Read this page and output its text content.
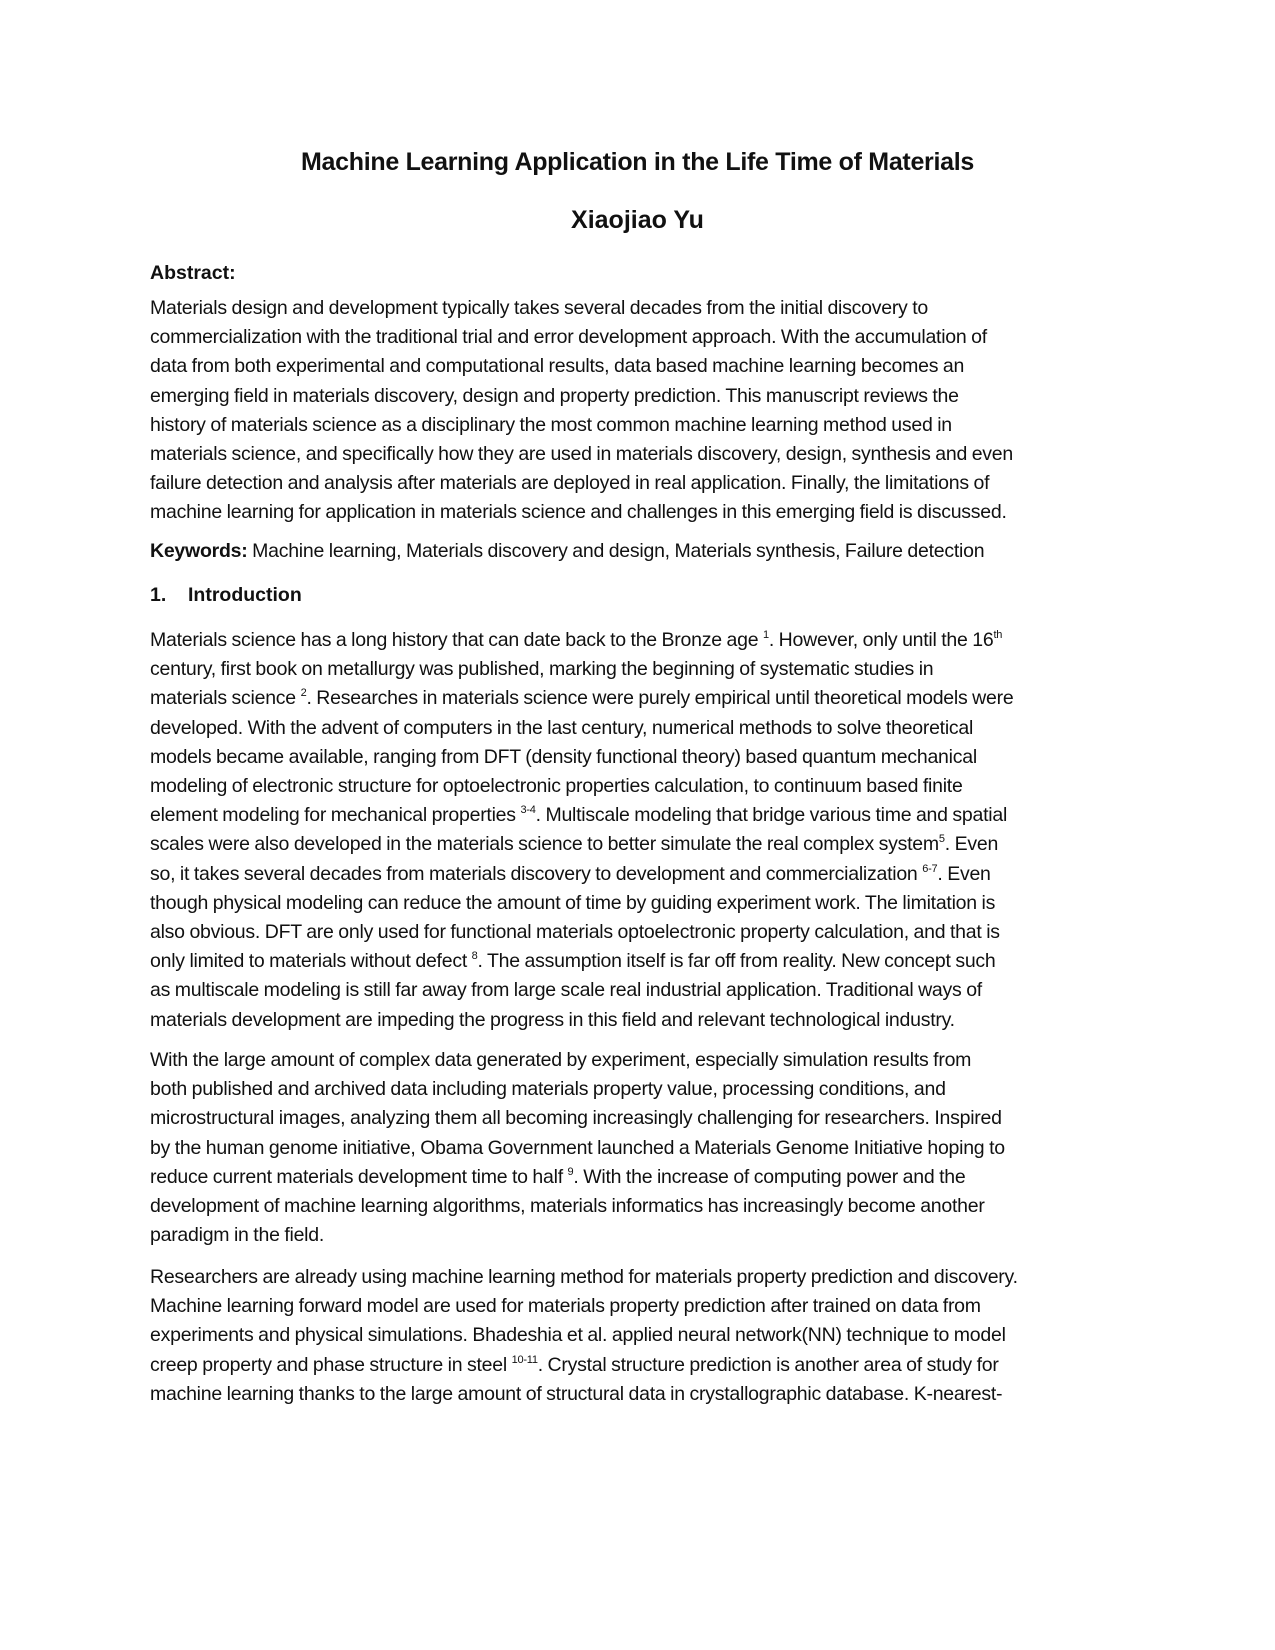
Machine Learning Application in the Life Time of Materials
Xiaojiao Yu
Abstract:

Materials design and development typically takes several decades from the initial discovery to
commercialization with the traditional trial and error development approach. With the accumulation of
data from both experimental and computational results, data based machine learning becomes an
emerging field in materials discovery, design and property prediction. This manuscript reviews the
history of materials science as a disciplinary the most common machine learning method used in
materials science, and specifically how they are used in materials discovery, design, synthesis and even
failure detection and analysis after materials are deployed in real application. Finally, the limitations of
machine learning for application in materials science and challenges in this emerging field is discussed.

Keywords: Machine learning, Materials discovery and design, Materials synthesis, Failure detection

1. Introduction

Materials science has a long history that can date back to the Bronze age $^1$. However, only until the 16th
century, first book on metallurgy was published, marking the beginning of systematic studies in
materials science $^2$. Researches in materials science were purely empirical until theoretical models were
developed. With the advent of computers in the last century, numerical methods to solve theoretical
models became available, ranging from DFT (density functional theory) based quantum mechanical
modeling of electronic structure for optoelectronic properties calculation, to continuum based finite
element modeling for mechanical properties $^{3-4}$. Multiscale modeling that bridge various time and spatial
scales were also developed in the materials science to better simulate the real complex system$^5$. Even
so, it takes several decades from materials discovery to development and commercialization $^{6-7}$. Even
though physical modeling can reduce the amount of time by guiding experiment work. The limitation is
also obvious. DFT are only used for functional materials optoelectronic property calculation, and that is
only limited to materials without defect $^8$. The assumption itself is far off from reality. New concept such
as multiscale modeling is still far away from large scale real industrial application. Traditional ways of
materials development are impeding the progress in this field and relevant technological industry.

With the large amount of complex data generated by experiment, especially simulation results from
both published and archived data including materials property value, processing conditions, and
microstructural images, analyzing them all becoming increasingly challenging for researchers. Inspired
by the human genome initiative, Obama Government launched a Materials Genome Initiative hoping to
reduce current materials development time to half $^9$. With the increase of computing power and the
development of machine learning algorithms, materials informatics has increasingly become another
paradigm in the field.

Researchers are already using machine learning method for materials property prediction and discovery.
Machine learning forward model are used for materials property prediction after trained on data from
experiments and physical simulations. Bhadeshia et al. applied neural network(NN) technique to model
creep property and phase structure in steel $^{10-11}$. Crystal structure prediction is another area of study for
machine learning thanks to the large amount of structural data in crystallographic database. K-nearest-
